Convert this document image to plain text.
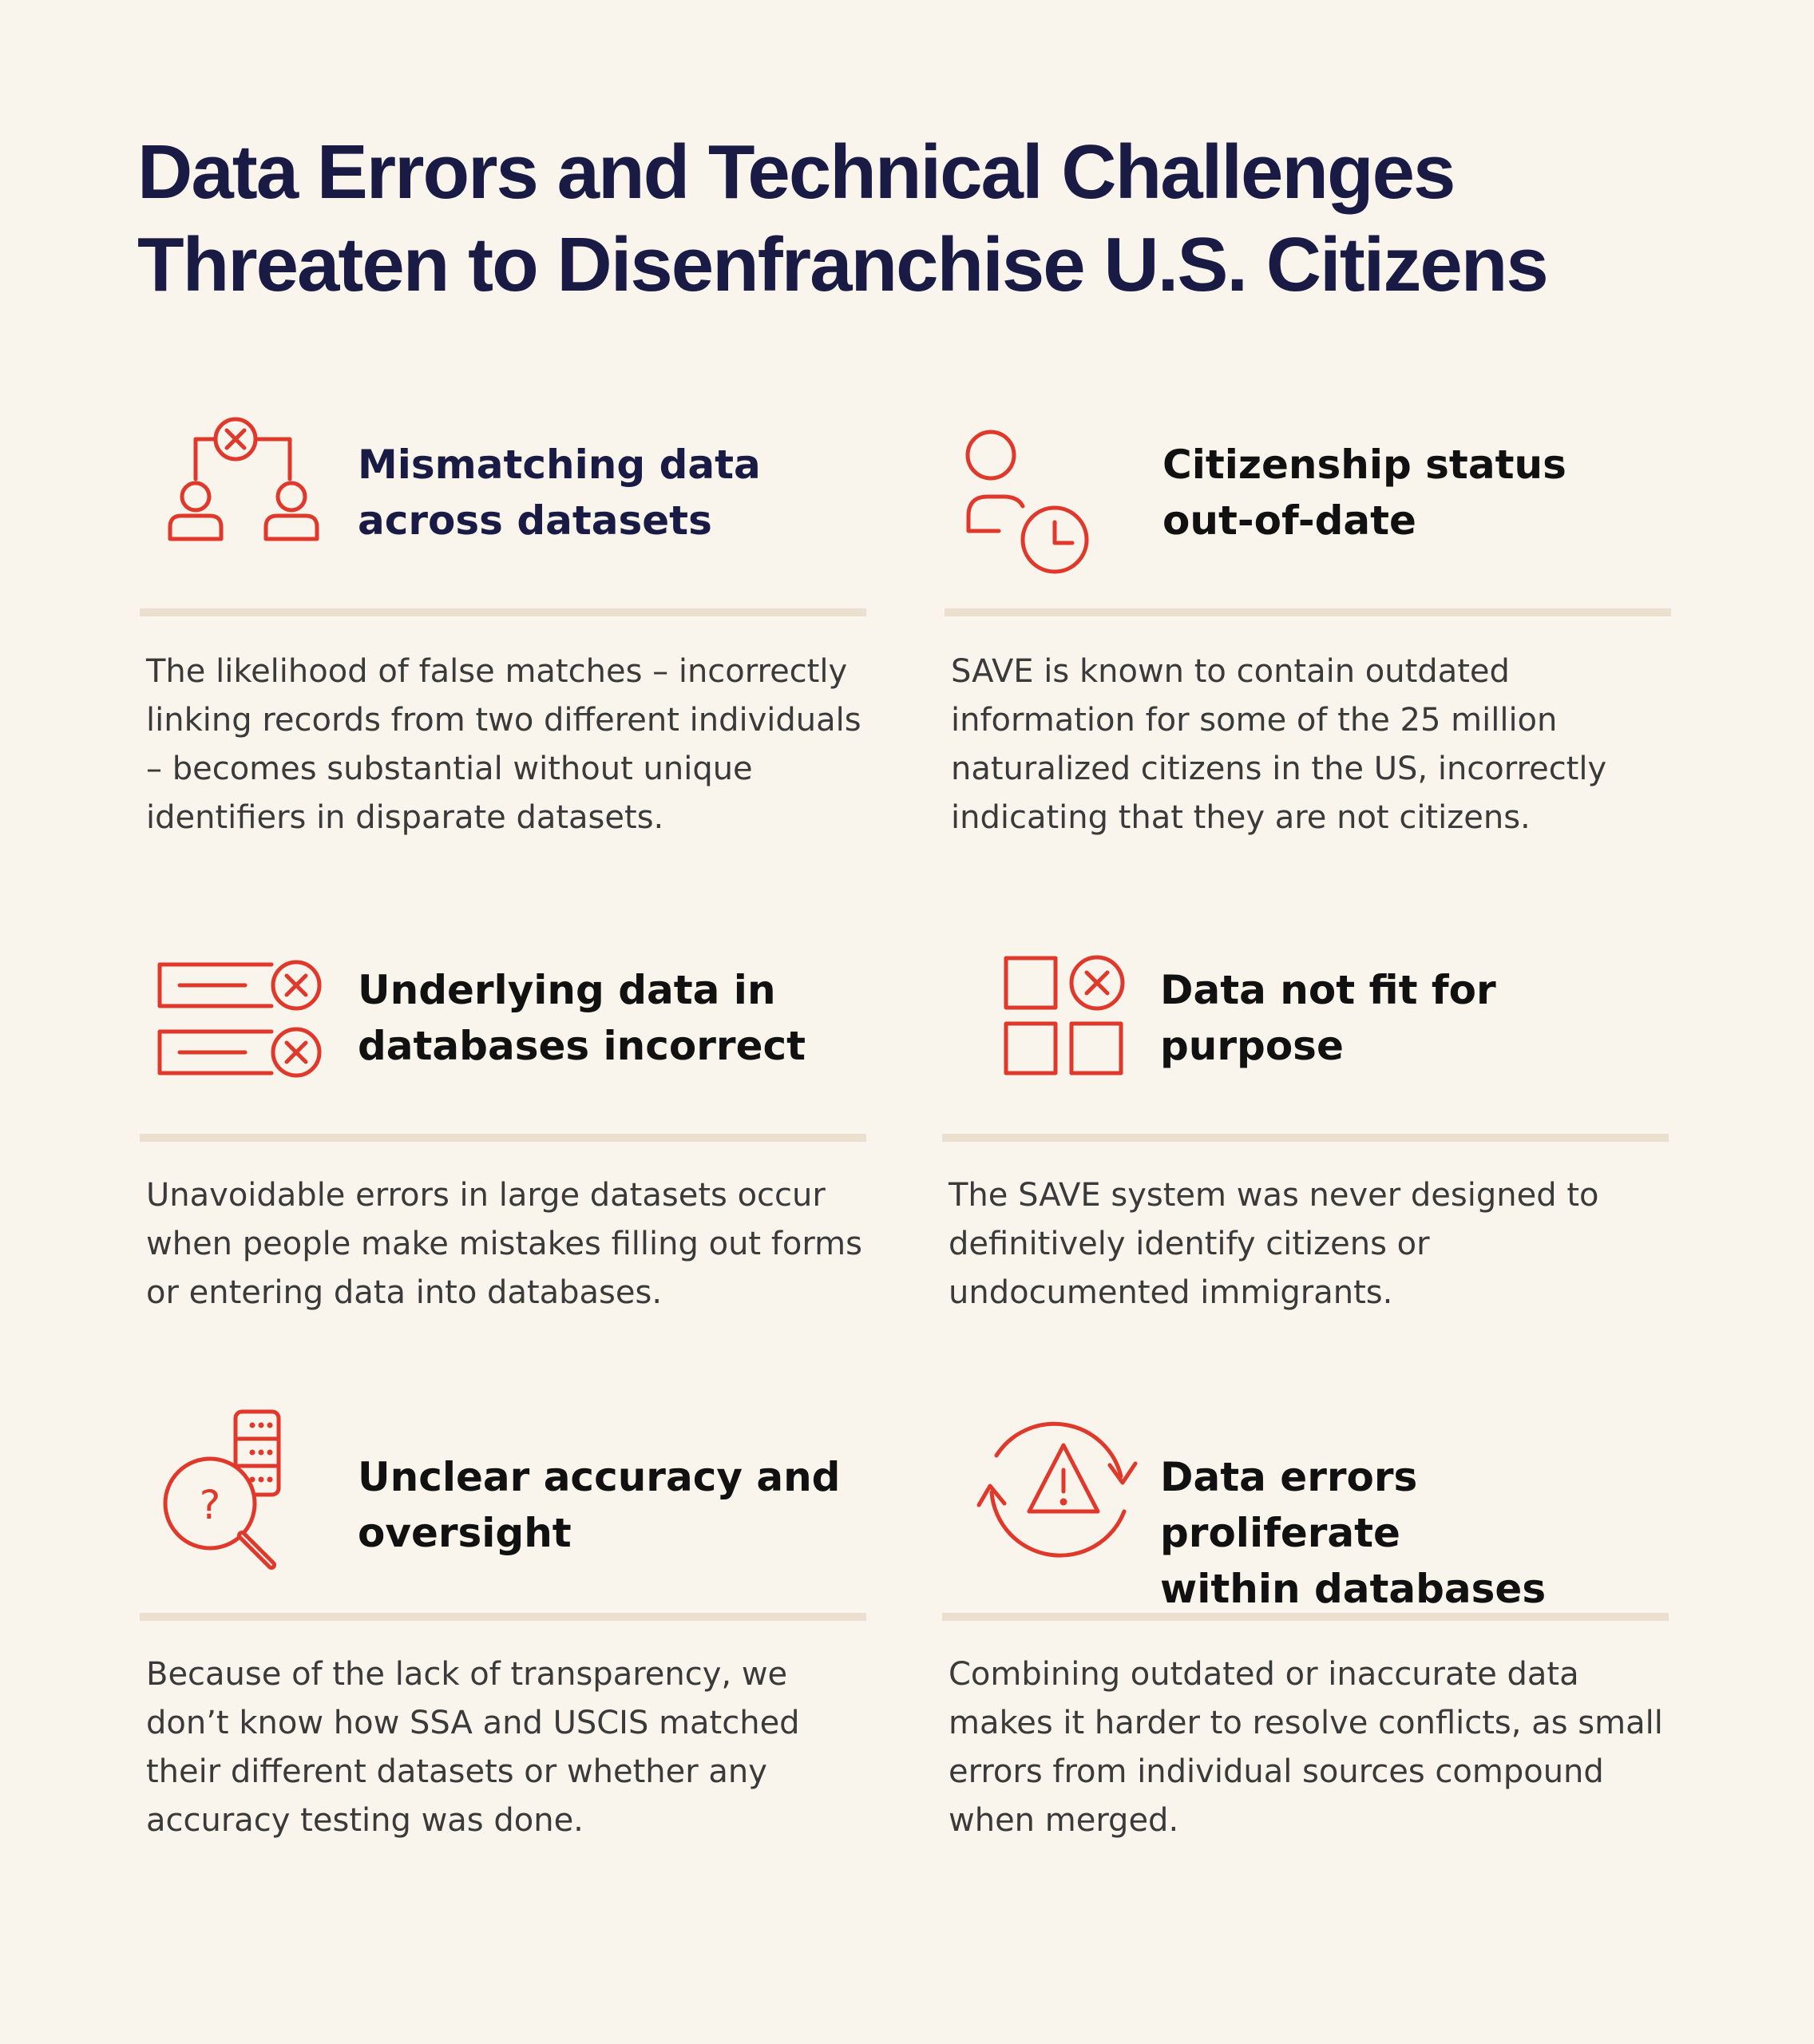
Data Errors and Technical Challenges
Threaten to Disenfranchise U.S. Citizens
Mismatching data
across datasets

The likelihood of false matches – incorrectly linking records from two different individuals – becomes substantial without unique identifiers in disparate datasets.

Citizenship status
out-of-date

SAVE is known to contain outdated information for some of the 25 million naturalized citizens in the US, incorrectly indicating that they are not citizens.

Underlying data in
databases incorrect

Unavoidable errors in large datasets occur when people make mistakes filling out forms or entering data into databases.

Data not fit for
purpose

The SAVE system was never designed to definitively identify citizens or undocumented immigrants.

?
Unclear accuracy and
oversight

Because of the lack of transparency, we don’t know how SSA and USCIS matched their different datasets or whether any accuracy testing was done.

Data errors proliferate
within databases

Combining outdated or inaccurate data makes it harder to resolve conflicts, as small errors from individual sources compound when merged.
